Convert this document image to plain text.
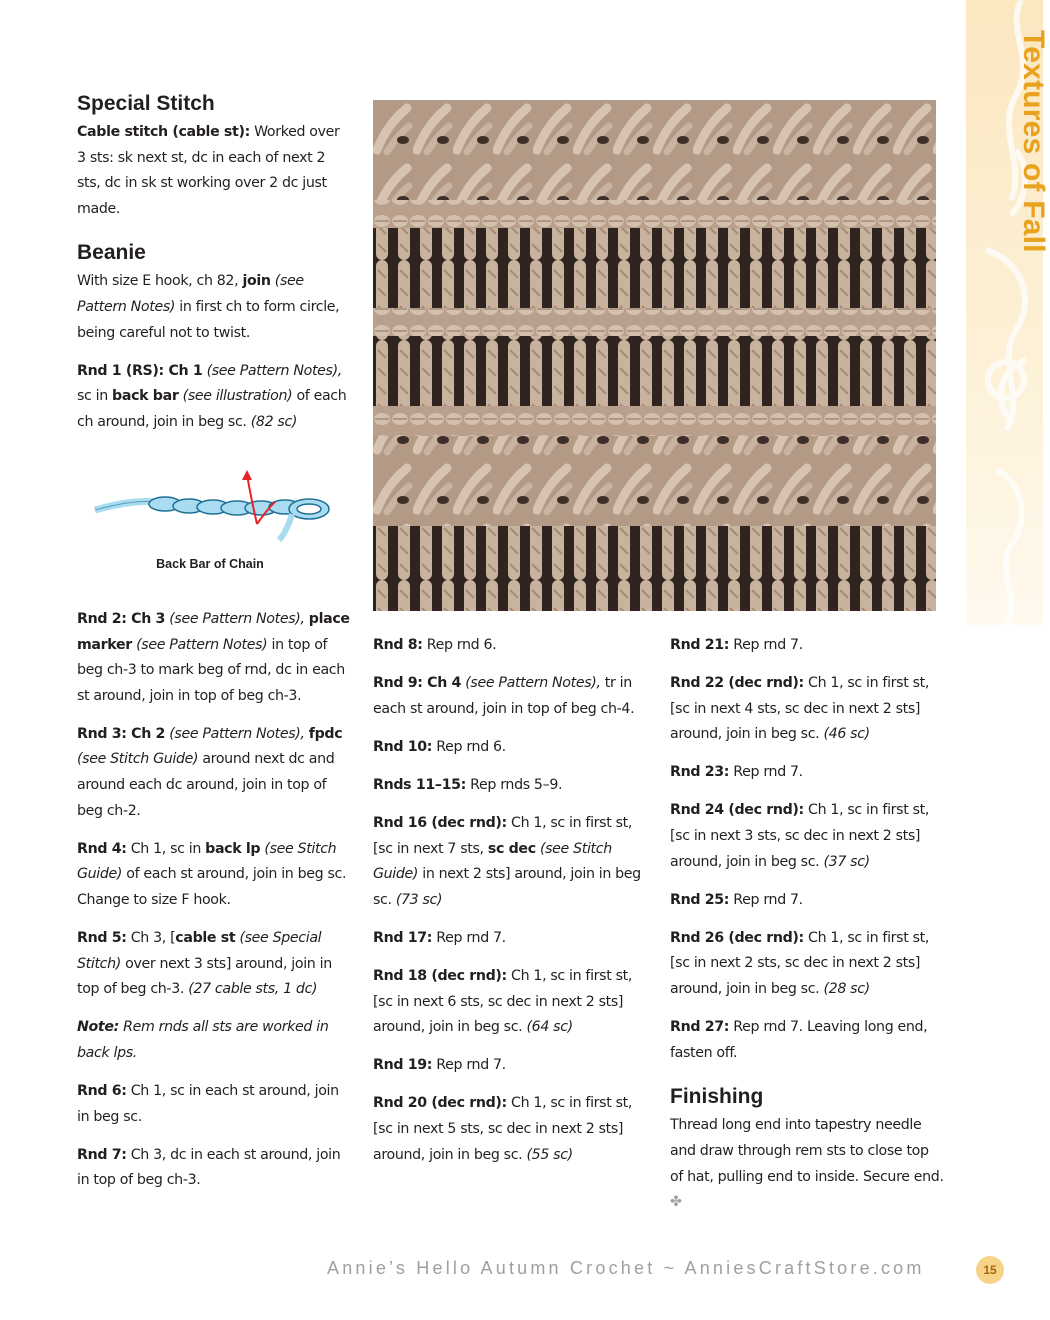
Textures of Fall
Special Stitch

Cable stitch (cable st): Worked over 3 sts: sk next st, dc in each of next 2 sts, dc in sk st working over 2 dc just made.

Beanie

With size E hook, ch 82, join (see Pattern Notes) in first ch to form circle, being careful not to twist.

Rnd 1 (RS): Ch 1 (see Pattern Notes), sc in back bar (see illustration) of each ch around, join in beg sc. (82 sc)

Back Bar of Chain

Rnd 2: Ch 3 (see Pattern Notes), place marker (see Pattern Notes) in top of beg ch-3 to mark beg of rnd, dc in each st around, join in top of beg ch-3.

Rnd 3: Ch 2 (see Pattern Notes), fpdc (see Stitch Guide) around next dc and around each dc around, join in top of beg ch-2.

Rnd 4: Ch 1, sc in back lp (see Stitch Guide) of each st around, join in beg sc. Change to size F hook.

Rnd 5: Ch 3, [cable st (see Special Stitch) over next 3 sts] around, join in top of beg ch-3. (27 cable sts, 1 dc)

Note: Rem rnds all sts are worked in back lps.

Rnd 6: Ch 1, sc in each st around, join in beg sc.

Rnd 7: Ch 3, dc in each st around, join in top of beg ch-3.

Rnd 8: Rep rnd 6.

Rnd 9: Ch 4 (see Pattern Notes), tr in each st around, join in top of beg ch-4.

Rnd 10: Rep rnd 6.

Rnds 11–15: Rep rnds 5–9.

Rnd 16 (dec rnd): Ch 1, sc in first st, [sc in next 7 sts, sc dec (see Stitch Guide) in next 2 sts] around, join in beg sc. (73 sc)

Rnd 17: Rep rnd 7.

Rnd 18 (dec rnd): Ch 1, sc in first st, [sc in next 6 sts, sc dec in next 2 sts] around, join in beg sc. (64 sc)

Rnd 19: Rep rnd 7.

Rnd 20 (dec rnd): Ch 1, sc in first st, [sc in next 5 sts, sc dec in next 2 sts] around, join in beg sc. (55 sc)

Rnd 21: Rep rnd 7.

Rnd 22 (dec rnd): Ch 1, sc in first st, [sc in next 4 sts, sc dec in next 2 sts] around, join in beg sc. (46 sc)

Rnd 23: Rep rnd 7.

Rnd 24 (dec rnd): Ch 1, sc in first st, [sc in next 3 sts, sc dec in next 2 sts] around, join in beg sc. (37 sc)

Rnd 25: Rep rnd 7.

Rnd 26 (dec rnd): Ch 1, sc in first st, [sc in next 2 sts, sc dec in next 2 sts] around, join in beg sc. (28 sc)

Rnd 27: Rep rnd 7. Leaving long end, fasten off.

Finishing

Thread long end into tapestry needle and draw through rem sts to close top of hat, pulling end to inside. Secure end. ✤

Annie’s Hello Autumn Crochet ~ AnniesCraftStore.com	15
